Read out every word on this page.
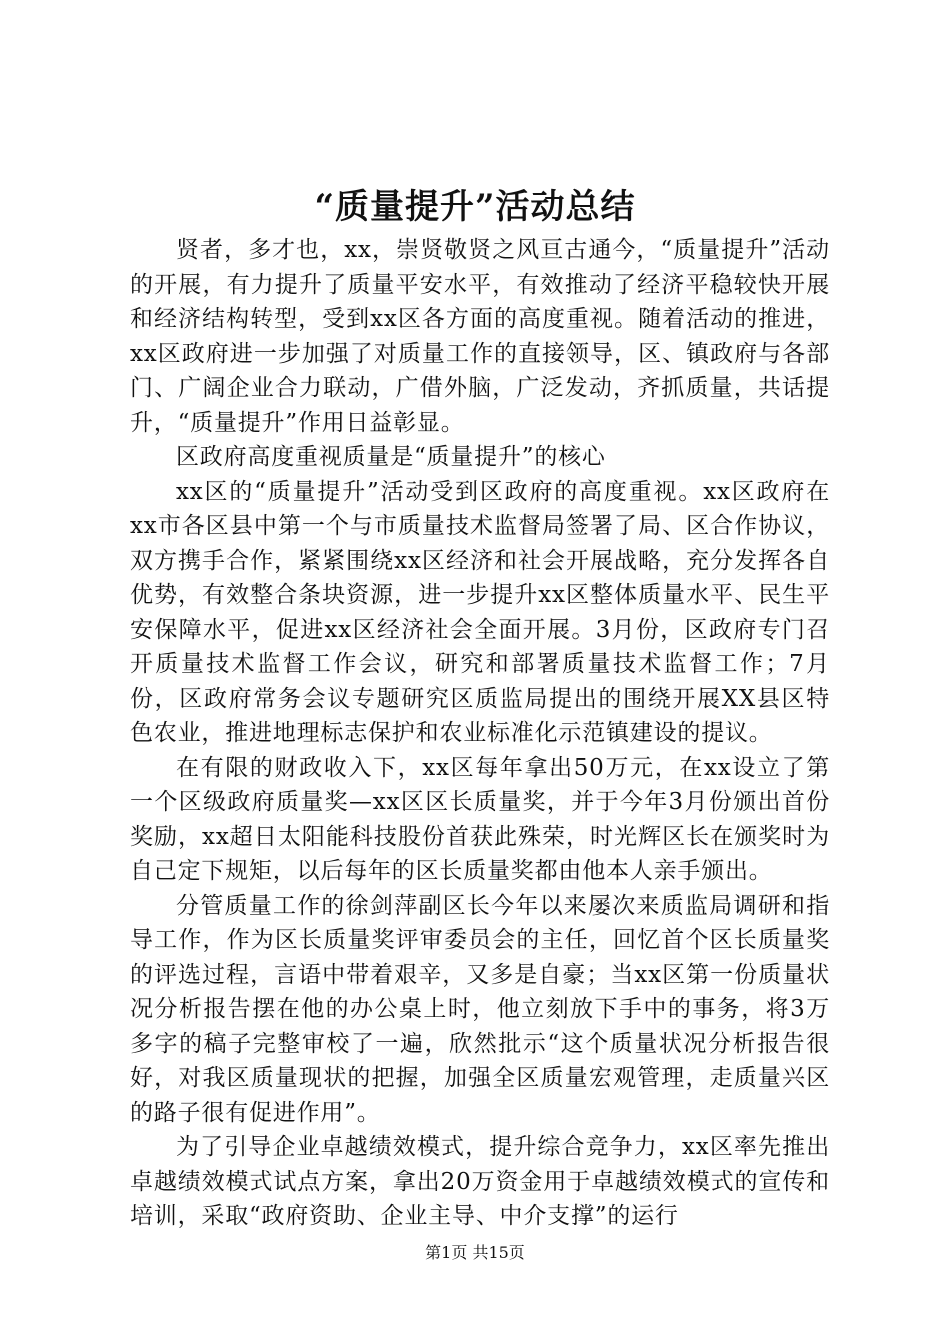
“质量提升”活动总结

贤者，多才也，xx，崇贤敬贤之风亘古通今，“质量提升”活动的开展，有力提升了质量平安水平，有效推动了经济平稳较快开展和经济结构转型，受到xx区各方面的高度重视。随着活动的推进，xx区政府进一步加强了对质量工作的直接领导，区、镇政府与各部门、广阔企业合力联动，广借外脑，广泛发动，齐抓质量，共话提升，“质量提升”作用日益彰显。

区政府高度重视质量是“质量提升”的核心

xx区的“质量提升”活动受到区政府的高度重视。xx区政府在xx市各区县中第一个与市质量技术监督局签署了局、区合作协议，双方携手合作，紧紧围绕xx区经济和社会开展战略，充分发挥各自优势，有效整合条块资源，进一步提升xx区整体质量水平、民生平安保障水平，促进xx区经济社会全面开展。3月份，区政府专门召开质量技术监督工作会议，研究和部署质量技术监督工作；7月份，区政府常务会议专题研究区质监局提出的围绕开展XX县区特色农业，推进地理标志保护和农业标准化示范镇建设的提议。

在有限的财政收入下，xx区每年拿出50万元，在xx设立了第一个区级政府质量奖—xx区区长质量奖，并于今年3月份颁出首份奖励，xx超日太阳能科技股份首获此殊荣，时光辉区长在颁奖时为自己定下规矩，以后每年的区长质量奖都由他本人亲手颁出。

分管质量工作的徐剑萍副区长今年以来屡次来质监局调研和指导工作，作为区长质量奖评审委员会的主任，回忆首个区长质量奖的评选过程，言语中带着艰辛，又多是自豪；当xx区第一份质量状况分析报告摆在他的办公桌上时，他立刻放下手中的事务，将3万多字的稿子完整审校了一遍，欣然批示“这个质量状况分析报告很好，对我区质量现状的把握，加强全区质量宏观管理，走质量兴区的路子很有促进作用”。

为了引导企业卓越绩效模式，提升综合竞争力，xx区率先推出卓越绩效模式试点方案，拿出20万资金用于卓越绩效模式的宣传和培训，采取“政府资助、企业主导、中介支撑”的运行

第1页 共15页
